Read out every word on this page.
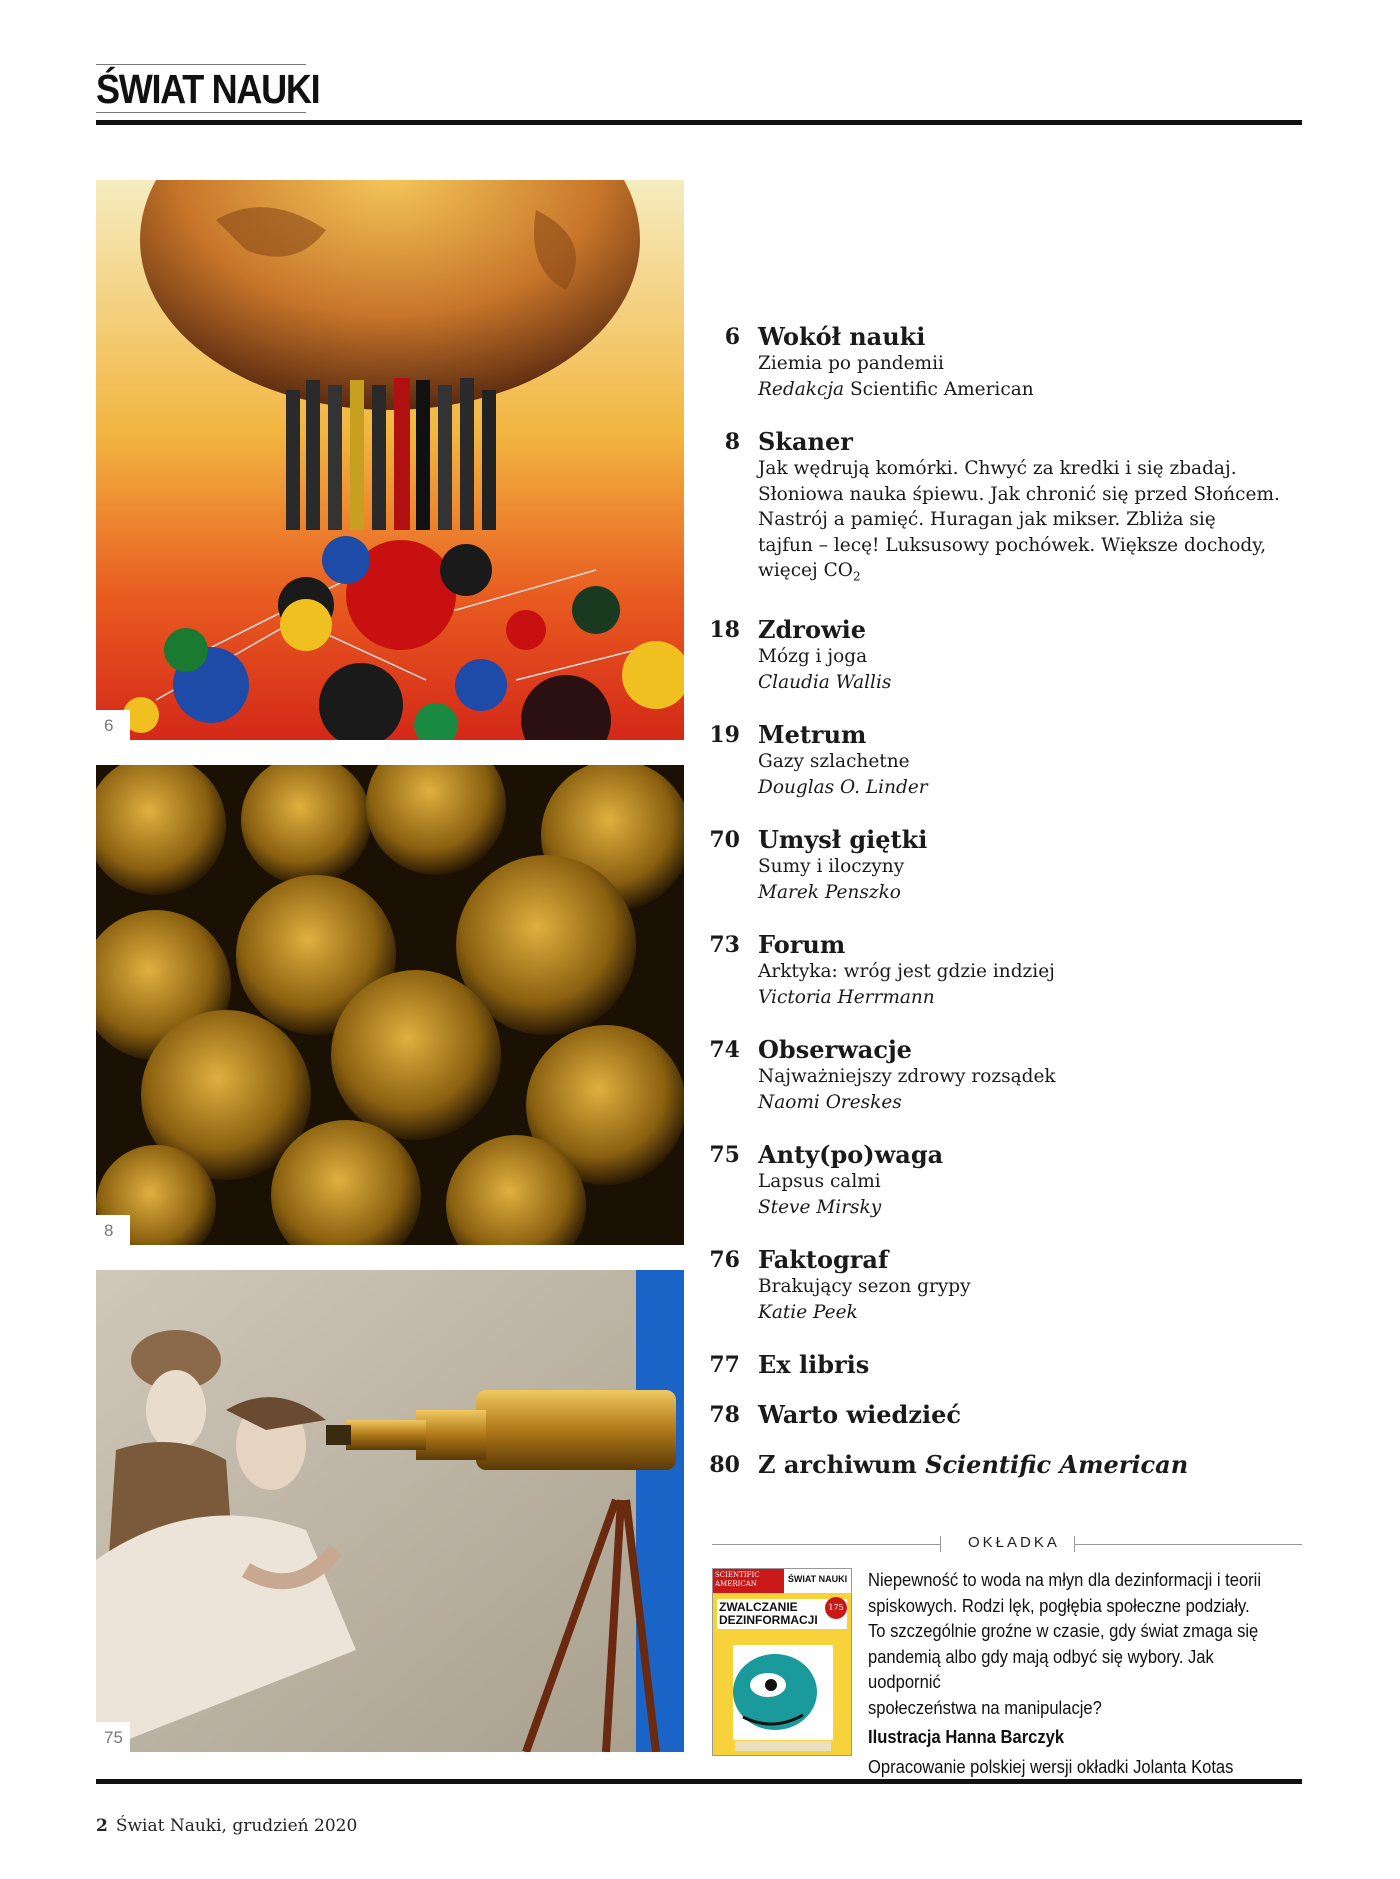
ŚWIAT NAUKI
6
8
75
6 Wokół nauki
Ziemia po pandemii
Redakcja Scientific American
8 Skaner
Jak wędrują komórki. Chwyć za kredki i się zbadaj.
Słoniowa nauka śpiewu. Jak chronić się przed Słońcem.
Nastrój a pamięć. Huragan jak mikser. Zbliża się
tajfun – lecę! Luksusowy pochówek. Większe dochody,
więcej $CO_2$
18 Zdrowie
Mózg i joga
Claudia Wallis
19 Metrum
Gazy szlachetne
Douglas O. Linder
70 Umysł giętki
Sumy i iloczyny
Marek Penszko
73 Forum
Arktyka: wróg jest gdzie indziej
Victoria Herrmann
74 Obserwacje
Najważniejszy zdrowy rozsądek
Naomi Oreskes
75 Anty(po)waga
Lapsus calmi
Steve Mirsky
76 Faktograf
Brakujący sezon grypy
Katie Peek
77 Ex libris
78 Warto wiedzieć
80 Z archiwum Scientific American
OKŁADKA
SCIENTIFIC AMERICAN	ŚWIAT NAUKI
ZWALCZANIE
DEZINFORMACJI
175

Niepewność to woda na młyn dla dezinformacji i teorii

spiskowych. Rodzi lęk, pogłębia społeczne podziały.

To szczególnie groźne w czasie, gdy świat zmaga się

pandemią albo gdy mają odbyć się wybory. Jak uodpornić

społeczeństwa na manipulacje?

Ilustracja Hanna Barczyk

Opracowanie polskiej wersji okładki Jolanta Kotas

2 Świat Nauki, grudzień 2020
